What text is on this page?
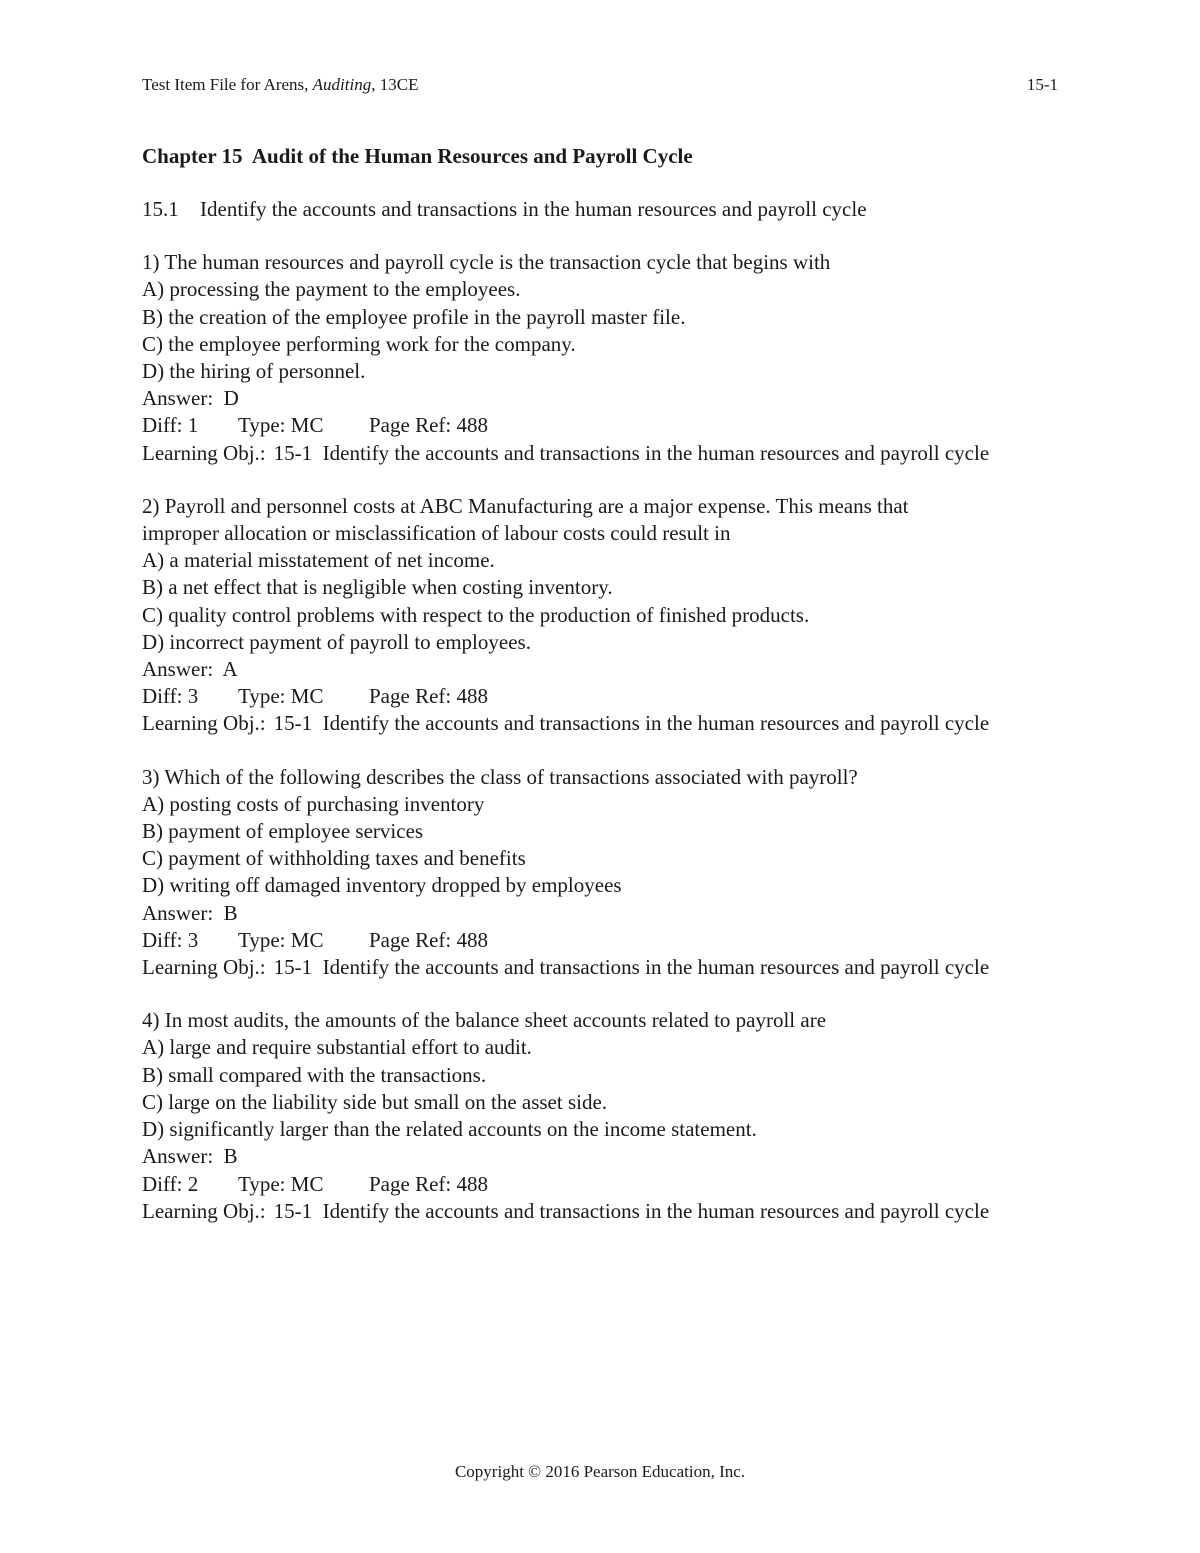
Test Item File for Arens, Auditing, 13CE	15-1
Chapter 15  Audit of the Human Resources and Payroll Cycle
15.1 Identify the accounts and transactions in the human resources and payroll cycle
1) The human resources and payroll cycle is the transaction cycle that begins with
A) processing the payment to the employees.
B) the creation of the employee profile in the payroll master file.
C) the employee performing work for the company.
D) the hiring of personnel.
Answer:  D
Diff: 1 Type: MC Page Ref: 488
Learning Obj.: 15-1  Identify the accounts and transactions in the human resources and payroll cycle
2) Payroll and personnel costs at ABC Manufacturing are a major expense. This means that
improper allocation or misclassification of labour costs could result in
A) a material misstatement of net income.
B) a net effect that is negligible when costing inventory.
C) quality control problems with respect to the production of finished products.
D) incorrect payment of payroll to employees.
Answer:  A
Diff: 3 Type: MC Page Ref: 488
Learning Obj.: 15-1  Identify the accounts and transactions in the human resources and payroll cycle
3) Which of the following describes the class of transactions associated with payroll?
A) posting costs of purchasing inventory
B) payment of employee services
C) payment of withholding taxes and benefits
D) writing off damaged inventory dropped by employees
Answer:  B
Diff: 3 Type: MC Page Ref: 488
Learning Obj.: 15-1  Identify the accounts and transactions in the human resources and payroll cycle
4) In most audits, the amounts of the balance sheet accounts related to payroll are
A) large and require substantial effort to audit.
B) small compared with the transactions.
C) large on the liability side but small on the asset side.
D) significantly larger than the related accounts on the income statement.
Answer:  B
Diff: 2 Type: MC Page Ref: 488
Learning Obj.: 15-1  Identify the accounts and transactions in the human resources and payroll cycle
Copyright © 2016 Pearson Education, Inc.
